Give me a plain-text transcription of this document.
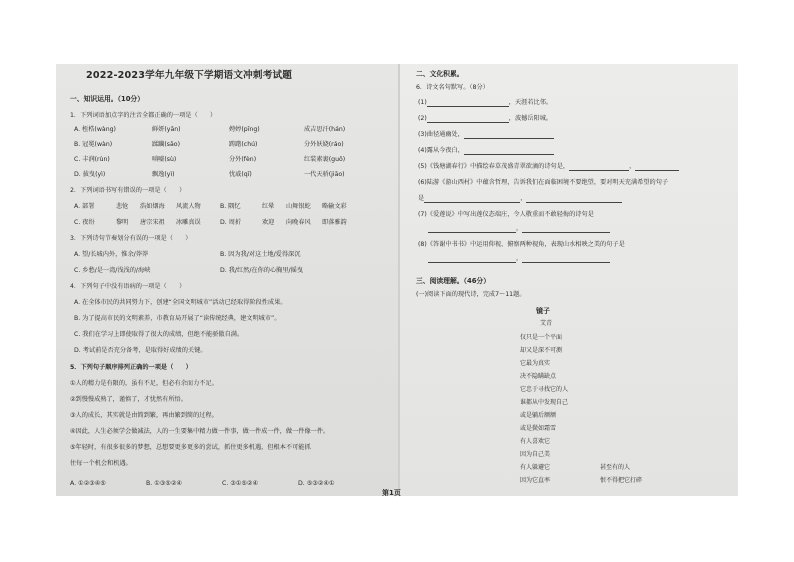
2022-2023学年九年级下学期语文冲刺考试题
一、知识运用。（10分）
1．下列词语加点字的注音全都正确的一项是（　　）
A. 桎梏(wàng)	鲜妍(yān)	娉婷(pīng)	成吉思汗(hán)
B. 冠冕(wàn)	蹂躏(sāo)	踌躇(chú)	分外妖娆(ráo)
C. 丰润(rùn)	嗔嘘(sù)	分外(fèn)	红装素裹(guǒ)
D. 拔曳(yì)	飘逸(yì)	忧戚(qī)	一代天骄(jiāo)
2．下列词语书写有错误的一项是（　　）
A. 部署	悲怆 浩如烟海 风流人物	B. 隅忆	红晕 山舞银蛇 略输文彩
C. 夜纷	黎明 唐宗宋祖 冰雕真误	D. 周折	欢迎 向晚春风 即落雅韵
3．下列诗句节奏划分有误的一项是（　　）
A. 望/长城内外，惟余/莽莽	B. 因为我/对这土地/爱得深沉
C. 乡愁/是一湾/浅浅的/海峡	D. 我/红然/在你的心胸里/摇曳
4．下列句子中没有语病的一项是（　　）
A. 在全体市民的共同努力下，创建“全国文明城市”活动已经取得阶段性成果。
B. 为了提高市民的文明素养，市教育局开展了“读传统经典，建文明城市”。
C. 我们在学习上即使取得了很大的成绩，但绝不能骄傲自满。
D. 考试前是否充分备考，是取得好成绩的关键。
5．下列句子顺序排列正确的一项是（　　）
①人的精力是有限的，虽有不足，但必有余而力不足。
②到慢慢成熟了，谨慎了，才忧然有所悟。
③人的成长，其实就是由简到繁，再由繁到简的过程。
④因此，人生必须学会做减法，人的一生要集中精力做一件事，做一件成一件，做一件像一件。
⑤年轻时，有很多很多的梦想，总想要更多更多的尝试，抓住更多机遇，但根本不可能抓
住每一个机会和机遇。
A. ①②③④⑤	B. ①③⑤②④	C. ③①⑤②④	D. ⑤③②④①
二、文化积累。
6．诗文名句默写。（8分）
(1)	，天涯若比邻。
(2)	，波撼岳阳城。
(3)曲径通幽处，
(4)露从今夜白，
(5)《钱塘湖春行》中描绘春草茂盛青翠欲滴的诗句是，	，
(6)陆游《游山西村》中蕴含哲理，告诉我们在面临困境不要绝望，要对明天充满希望的句子
是	，
(7)《爱莲说》中写出莲仪态端庄，令人敬重而不敢轻侮的诗句是
，
(8)《答谢中书书》中运用仰视、俯察两种视角，表现山水相映之美的句子是
，
三、阅读理解。（46分）
(一)阅读下面的现代诗，完成7～11题。
镜子
艾青
仅只是一个平面
却又是深不可测
它最为真实
决不隐瞒缺点
它忠于寻找它的人
谁都从中发现自己
或是躺后额额
或是鬓如霜雪
有人喜欢它
因为自己美
有人躲避它
因为它直率
甚至有的人
恨不得把它打碎
第1页
